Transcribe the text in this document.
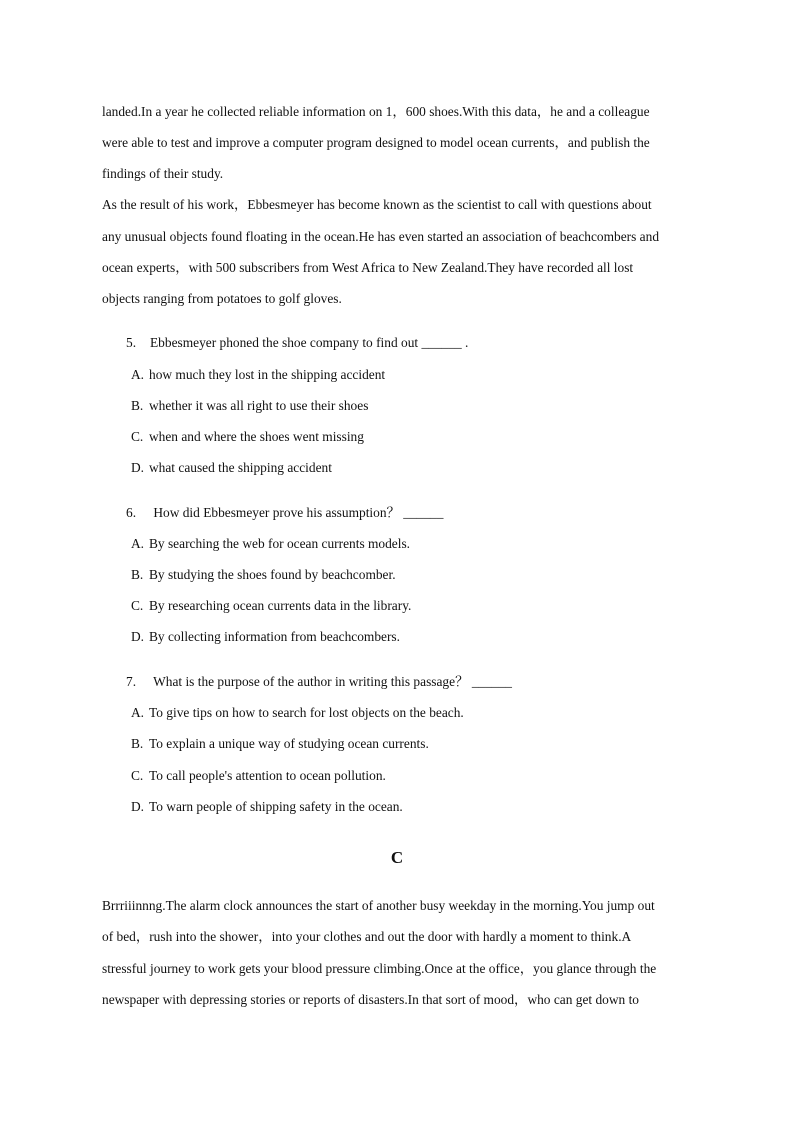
landed.In a year he collected reliable information on 1，600 shoes.With this data，he and a colleague
were able to test and improve a computer program designed to model ocean currents，and publish the
findings of their study.
As the result of his work，Ebbesmeyer has become known as the scientist to call with questions about
any unusual objects found floating in the ocean.He has even started an association of beachcombers and
ocean experts，with 500 subscribers from West Africa to New Zealand.They have recorded all lost
objects ranging from potatoes to golf gloves.
5. Ebbesmeyer phoned the shoe company to find out ______ .
A. how much they lost in the shipping accident
B. whether it was all right to use their shoes
C. when and where the shoes went missing
D. what caused the shipping accident
6. How did Ebbesmeyer prove his assumption？ ______
A. By searching the web for ocean currents models.
B. By studying the shoes found by beachcomber.
C. By researching ocean currents data in the library.
D. By collecting information from beachcombers.
7. What is the purpose of the author in writing this passage？ ______
A. To give tips on how to search for lost objects on the beach.
B. To explain a unique way of studying ocean currents.
C. To call people's attention to ocean pollution.
D. To warn people of shipping safety in the ocean.
C
Brrriiinnng.The alarm clock announces the start of another busy weekday in the morning.You jump out
of bed，rush into the shower，into your clothes and out the door with hardly a moment to think.A
stressful journey to work gets your blood pressure climbing.Once at the office，you glance through the
newspaper with depressing stories or reports of disasters.In that sort of mood，who can get down to
